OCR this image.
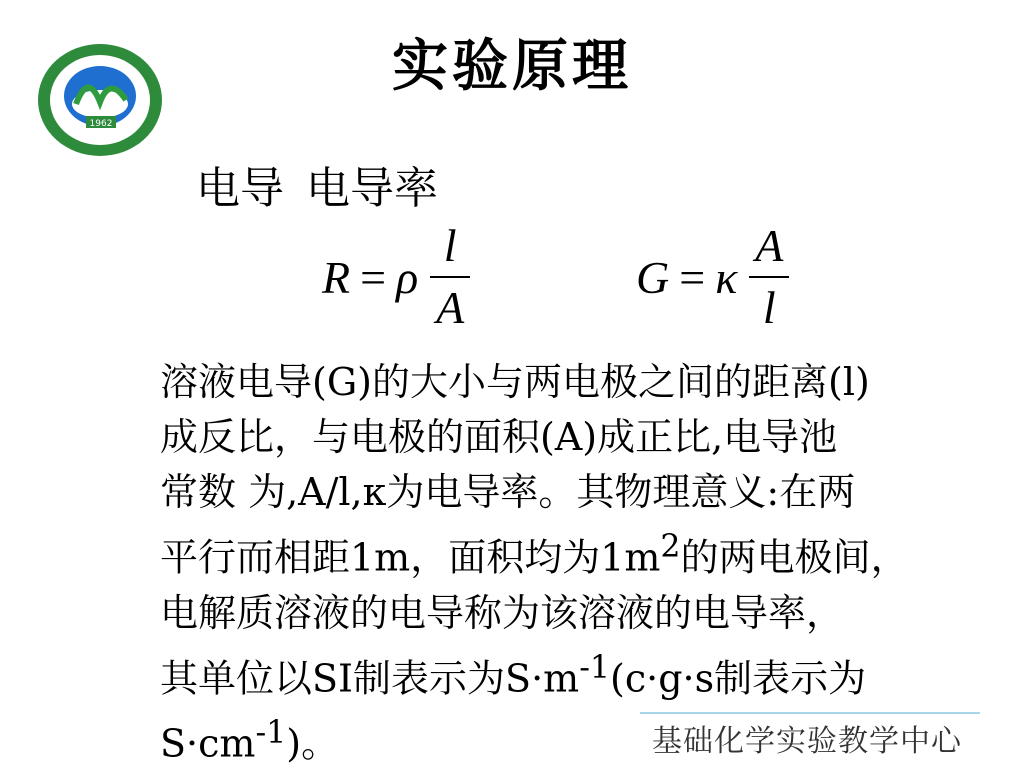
1962
实验原理
电导 电导率
R = ρ $\frac{l}{A}$	G = κ $\frac{A}{l}$
溶液电导(G)的大小与两电极之间的距离(l)
成反比，与电极的面积(A)成正比,电导池
常数 为,A/l,κ为电导率。其物理意义:在两
平行而相距1m，面积均为$1m^2$的两电极间，
电解质溶液的电导称为该溶液的电导率，
其单位以SI制表示为$S\cdot m^{-1}(c\cdot g\cdot s$制表示为
$S\cdot cm^{-1}$)。	基础化学实验教学中心
